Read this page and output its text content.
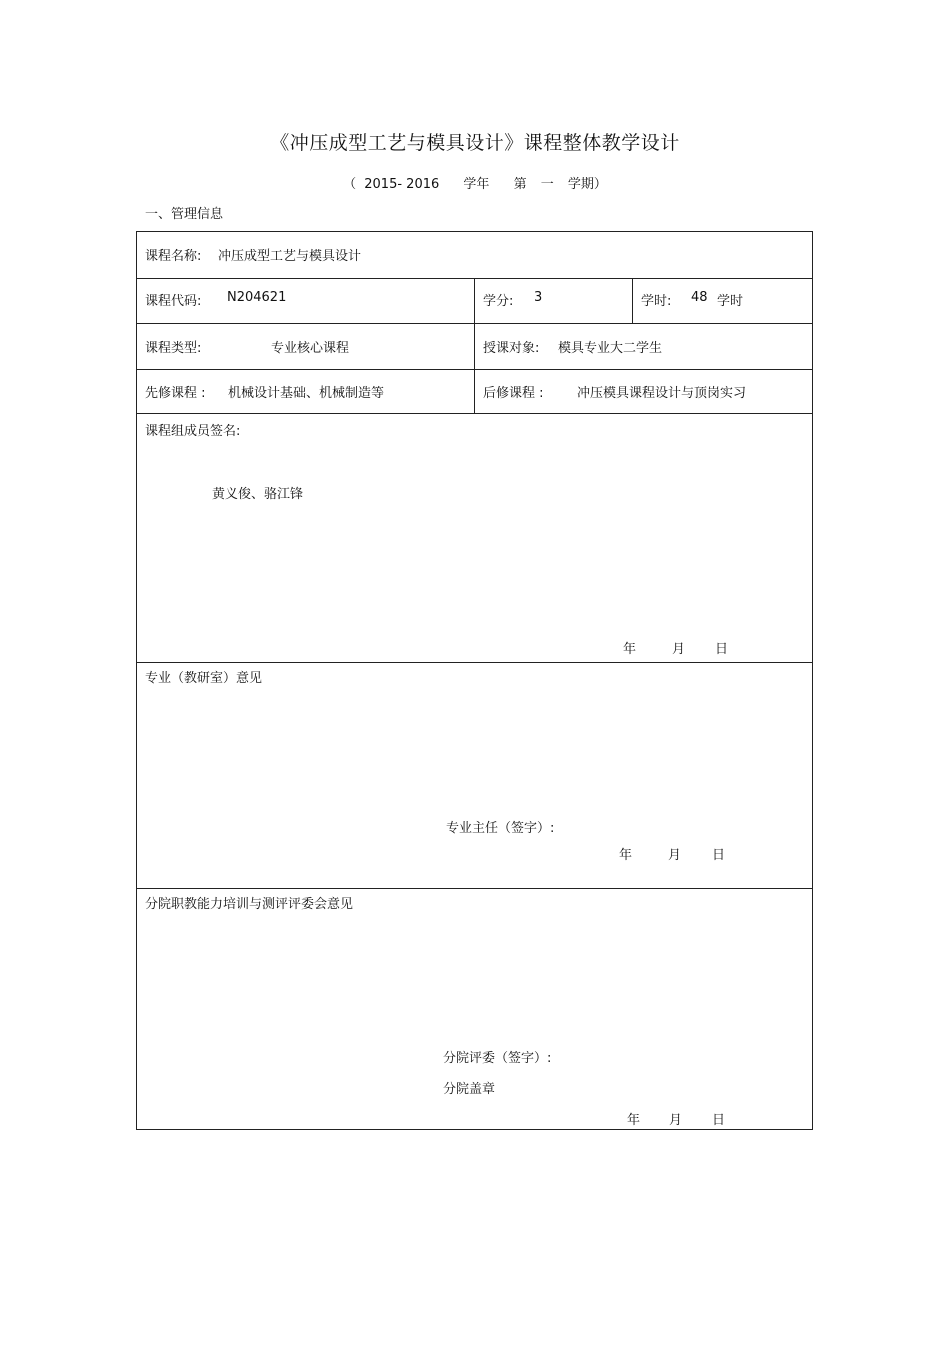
《冲压成型工艺与模具设计》课程整体教学设计
（ 2015- 2016 学年 第 一 学期）
一、管理信息
课程名称: 冲压成型工艺与模具设计
课程代码: N204621	学分: 3	学时: 48 学时
课程类型:	专业核心课程	授课对象: 模具专业大二学生
先修课程 : 机械设计基础、机械制造等	后修课程 :	冲压模具课程设计与顶岗实习
课程组成员签名:
黄义俊、骆江锋
年	月 日
专业（教研室）意见
专业主任（签字）:
年	月 日
分院职教能力培训与测评评委会意见
分院评委（签字）:
分院盖章
年 月 日
